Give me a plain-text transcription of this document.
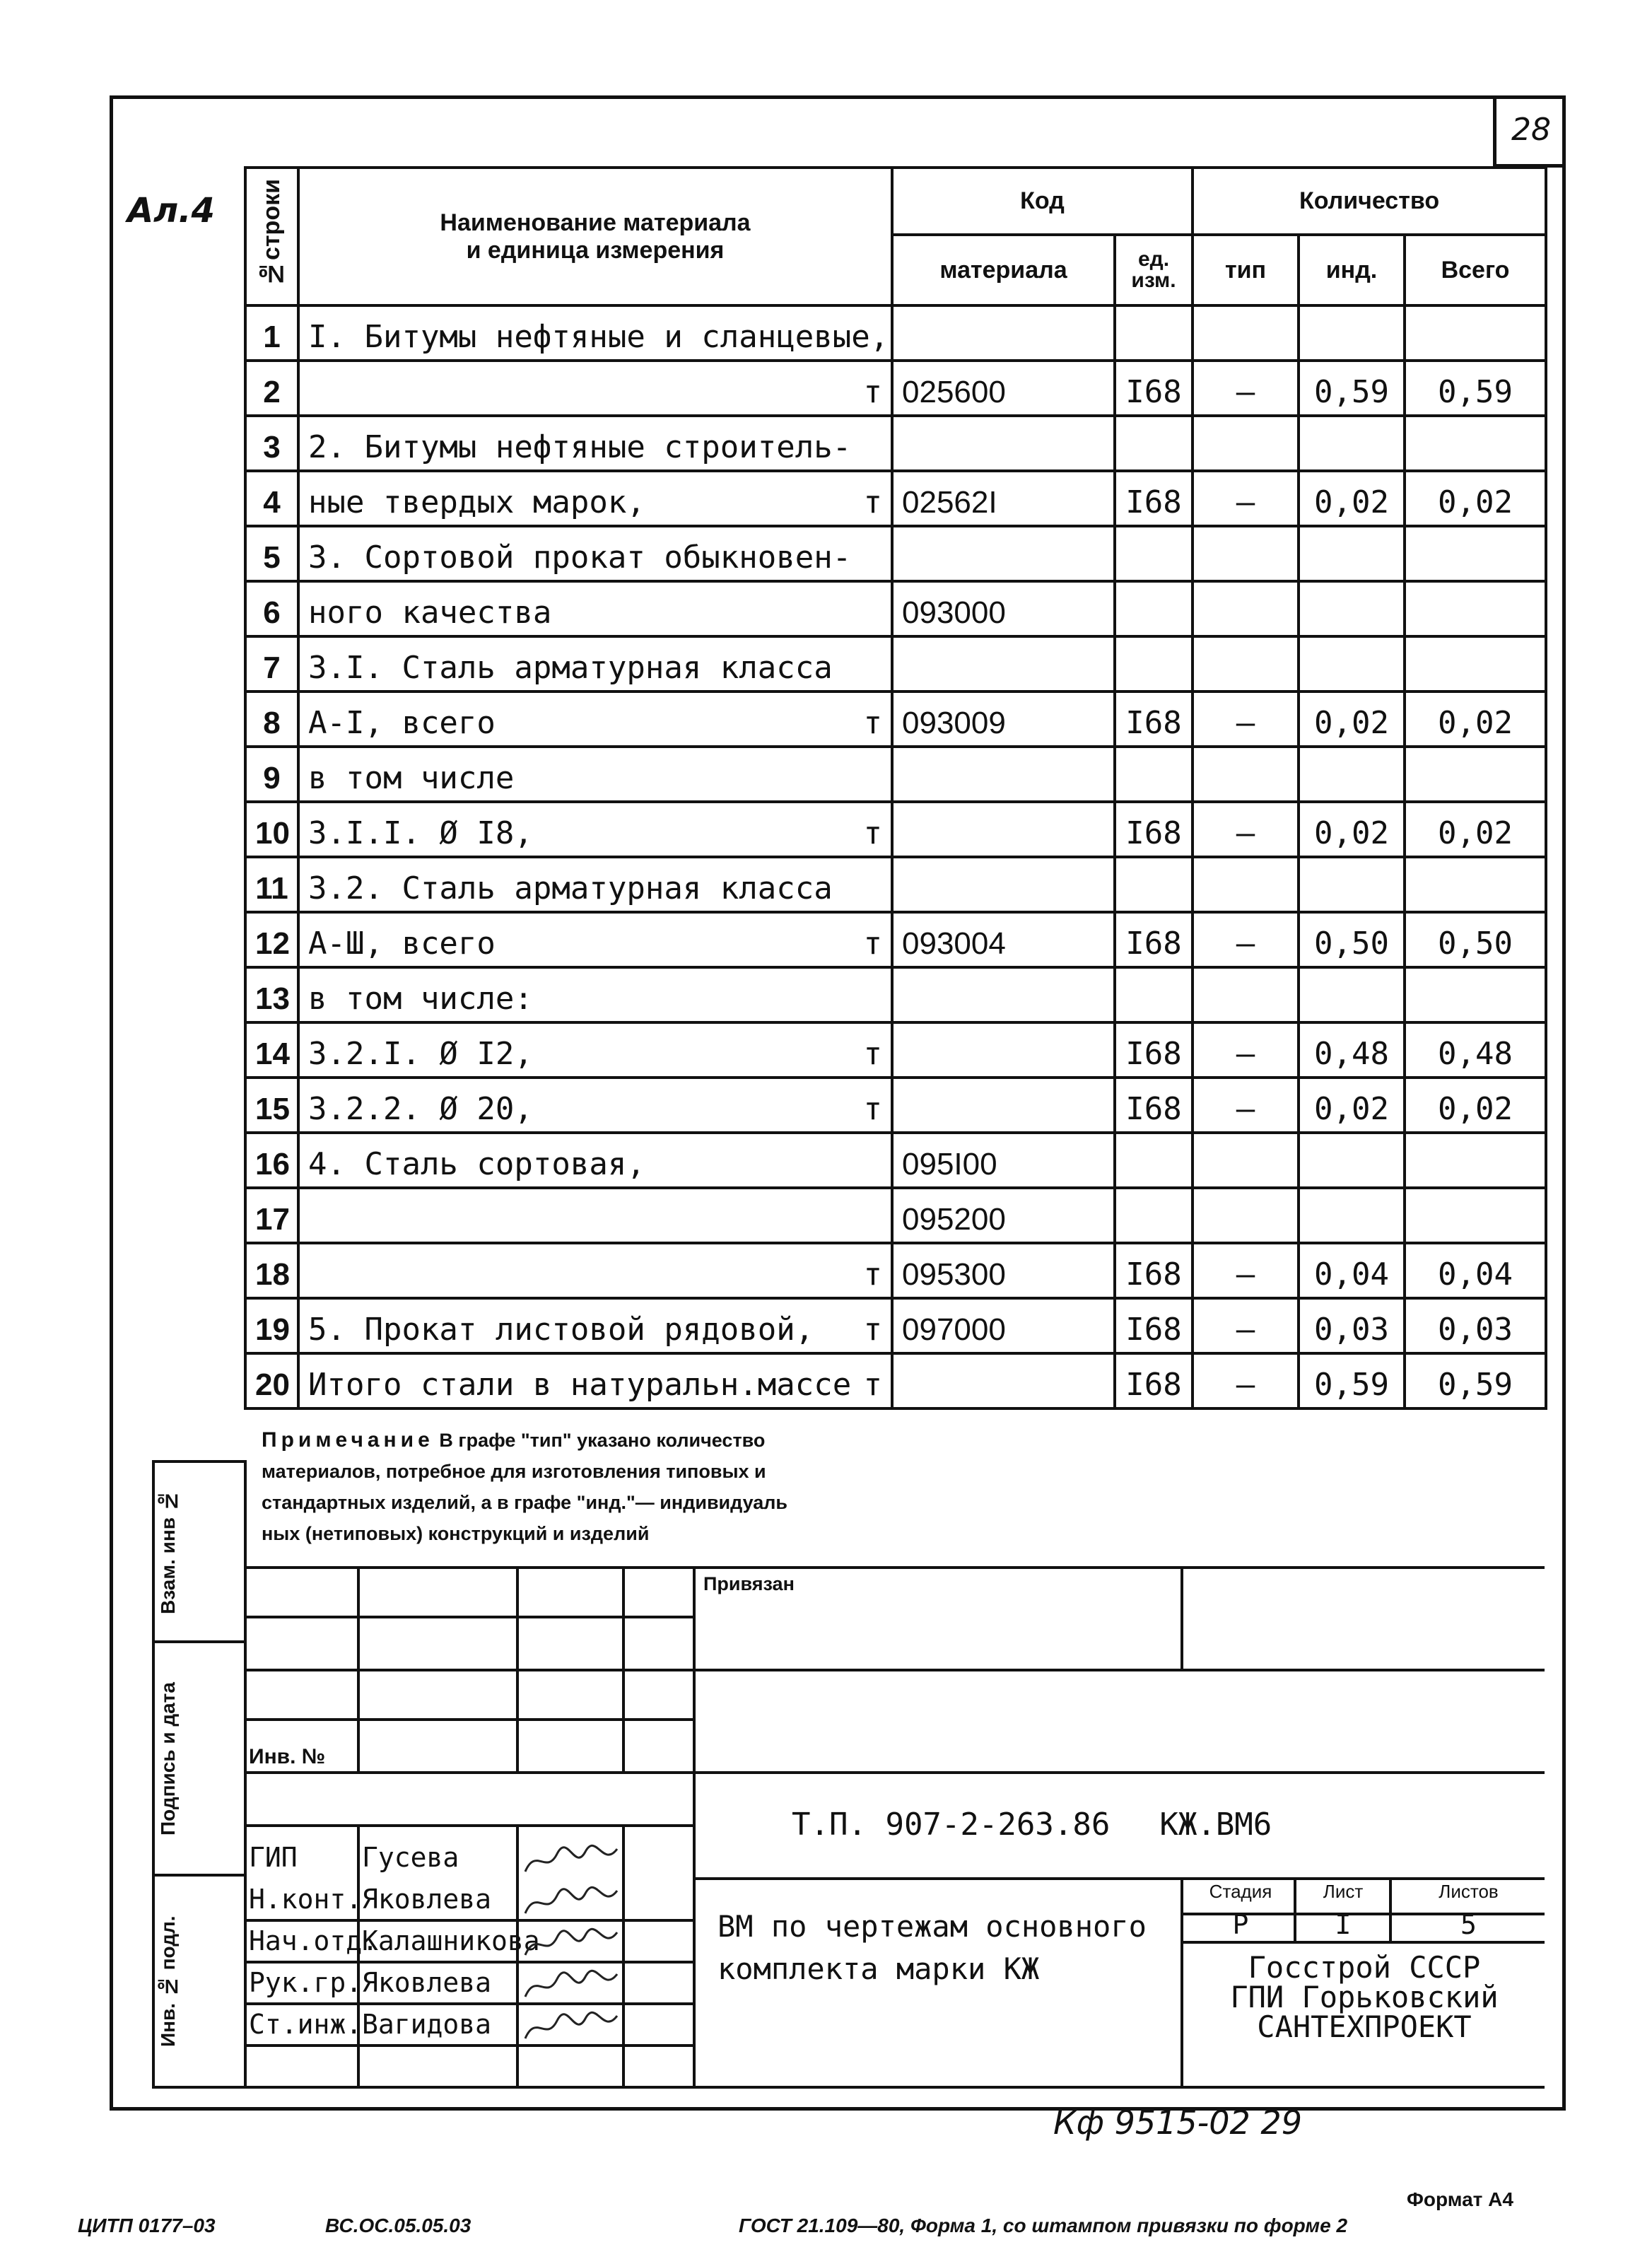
28
Ал.4 №строки	Наименование материала
и единица измерения	Код		Количество		
		материала	ед. изм.	тип	инд.	Всего
1	I. Битумы нефтяные и сланцевые,					

2	т	025600	I68	–	0,59	0,59
3	2. Битумы нефтяные строитель-					

4	ные твердых марок, т	02562I	I68	–	0,02	0,02
5	3. Сортовой прокат обыкновен-					

6	ного качества	093000				
7	3.I. Сталь арматурная класса					

8	А-I, всего т	093009	I68	–	0,02	0,02
9	в том числе					

10	3.I.I. Ø I8, т		I68	–	0,02	0,02
11	3.2. Сталь арматурная класса					

12	А-Ш, всего т	093004	I68	–	0,50	0,50
13	в том числе:					

14	3.2.I. Ø I2, т		I68	–	0,48	0,48
15	3.2.2. Ø 20, т		I68	–	0,02	0,02
16	4. Сталь сортовая,	095I00				
17		095200				
18	т	095300	I68	–	0,04	0,04
19	5. Прокат листовой рядовой, т	097000	I68	–	0,03	0,03
20	Итого стали в натуральн.массе т		I68	–	0,59	0,59
Примечание В графе "тип" указано количество
материалов, потребное для изготовления типовых и
стандартных изделий, а в графе "инд."— индивидуаль
ных (нетиповых) конструкций и изделий
Привязан
Инв. №
Т.П. 907-2-263.86 КЖ.ВМ6
ВМ по чертежам основного
комплекта марки КЖ
Стадия	Лист	Листов
Р	I	5
Госстрой СССР
ГПИ Горьковский
САНТЕХПРОЕКТ
ГИП Гусева
Н.конт. Яковлева
Нач.отд.
Калашникова
Рук.гр. Яковлева
Ст.инж. Вагидова
Взам. инв №
Подпись и дата
Инв. № подл.
Кф 9515-02 29
Формат А4
ЦИТП 0177–03	ВС.ОС.05.05.03	ГОСТ 21.109—80, Форма 1, со штампом привязки по форме 2
